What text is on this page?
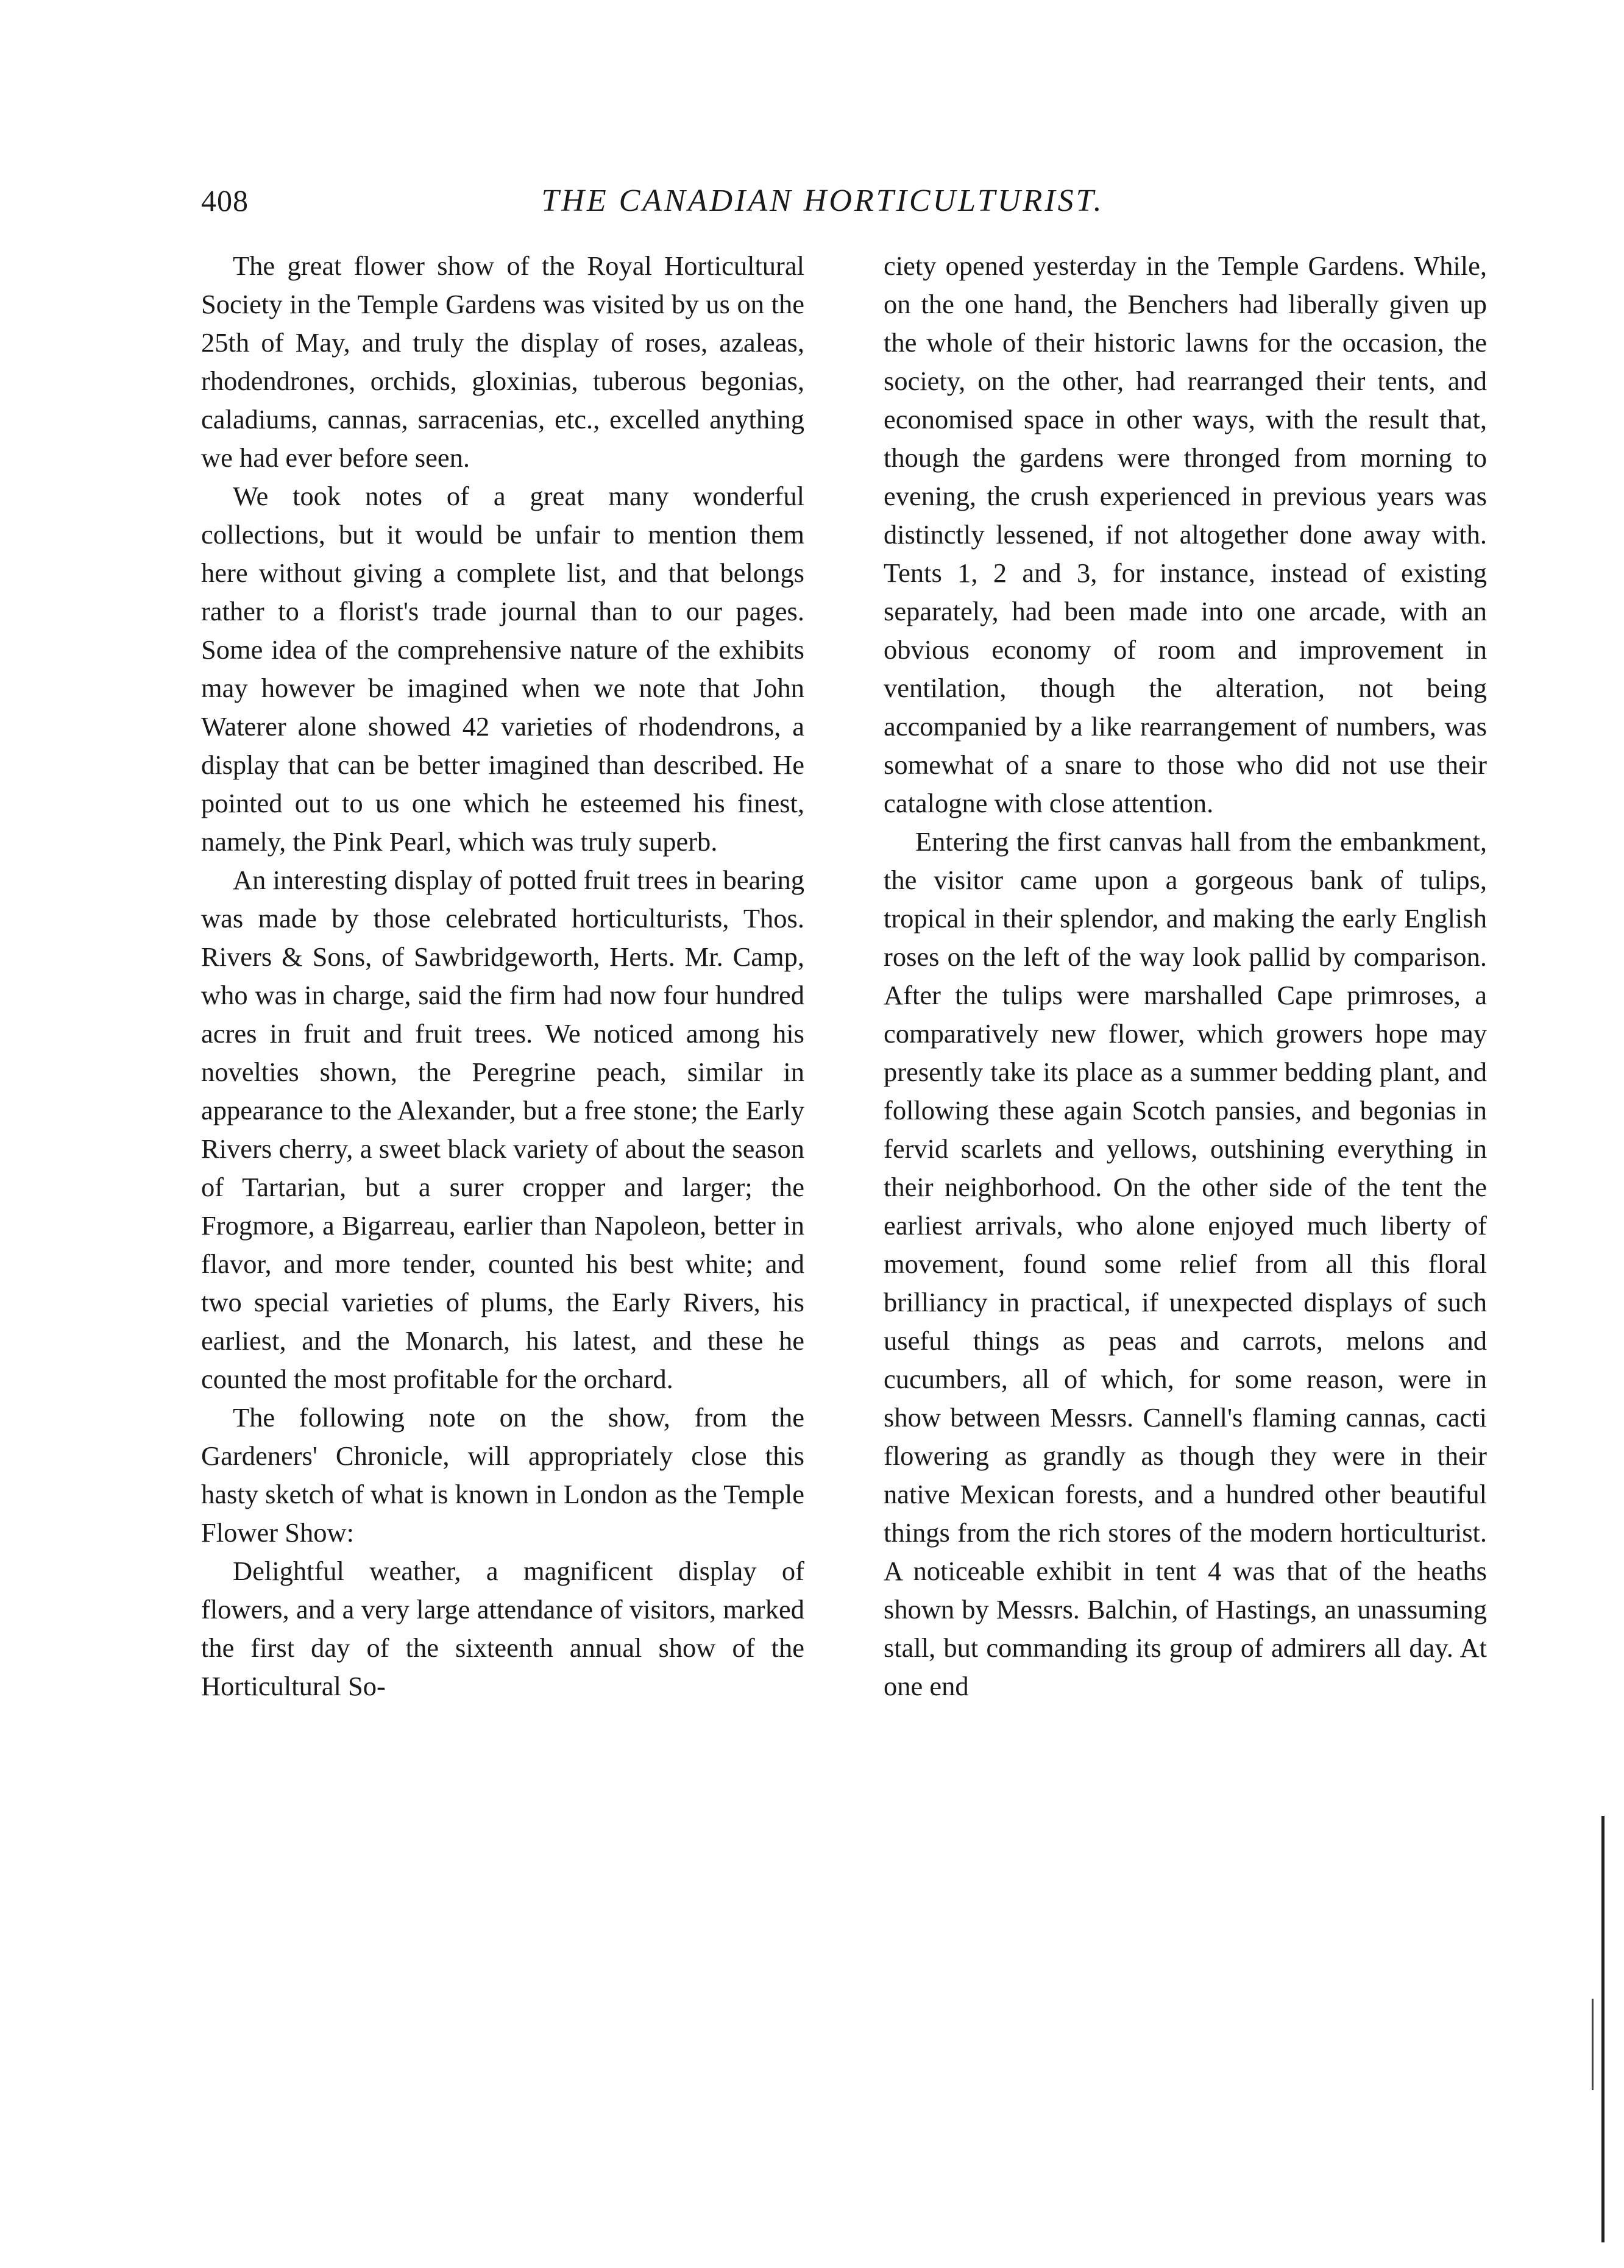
408	THE CANADIAN HORTICULTURIST.

The great flower show of the Royal Horticultural Society in the Temple Gardens was visited by us on the 25th of May, and truly the display of roses, azaleas, rhodendrones, orchids, gloxinias, tuberous begonias, caladiums, cannas, sarracenias, etc., excelled anything we had ever before seen.

We took notes of a great many wonderful collections, but it would be unfair to mention them here without giving a complete list, and that belongs rather to a florist's trade journal than to our pages. Some idea of the comprehensive nature of the exhibits may however be imagined when we note that John Waterer alone showed 42 varieties of rhodendrons, a display that can be better imagined than described. He pointed out to us one which he esteemed his finest, namely, the Pink Pearl, which was truly superb.

An interesting display of potted fruit trees in bearing was made by those celebrated horticulturists, Thos. Rivers & Sons, of Sawbridgeworth, Herts. Mr. Camp, who was in charge, said the firm had now four hundred acres in fruit and fruit trees. We noticed among his novelties shown, the Peregrine peach, similar in appearance to the Alexander, but a free stone; the Early Rivers cherry, a sweet black variety of about the season of Tartarian, but a surer cropper and larger; the Frogmore, a Bigarreau, earlier than Napoleon, better in flavor, and more tender, counted his best white; and two special varieties of plums, the Early Rivers, his earliest, and the Monarch, his latest, and these he counted the most profitable for the orchard.

The following note on the show, from the Gardeners' Chronicle, will appropriately close this hasty sketch of what is known in London as the Temple Flower Show:

Delightful weather, a magnificent display of flowers, and a very large attendance of visitors, marked the first day of the sixteenth annual show of the Horticultural So-

ciety opened yesterday in the Temple Gardens. While, on the one hand, the Benchers had liberally given up the whole of their historic lawns for the occasion, the society, on the other, had rearranged their tents, and economised space in other ways, with the result that, though the gardens were thronged from morning to evening, the crush experienced in previous years was distinctly lessened, if not altogether done away with. Tents 1, 2 and 3, for instance, instead of existing separately, had been made into one arcade, with an obvious economy of room and improvement in ventilation, though the alteration, not being accompanied by a like rearrangement of numbers, was somewhat of a snare to those who did not use their catalogne with close attention.

Entering the first canvas hall from the embankment, the visitor came upon a gorgeous bank of tulips, tropical in their splendor, and making the early English roses on the left of the way look pallid by comparison. After the tulips were marshalled Cape primroses, a comparatively new flower, which growers hope may presently take its place as a summer bedding plant, and following these again Scotch pansies, and begonias in fervid scarlets and yellows, outshining everything in their neighborhood. On the other side of the tent the earliest arrivals, who alone enjoyed much liberty of movement, found some relief from all this floral brilliancy in practical, if unexpected displays of such useful things as peas and carrots, melons and cucumbers, all of which, for some reason, were in show between Messrs. Cannell's flaming cannas, cacti flowering as grandly as though they were in their native Mexican forests, and a hundred other beautiful things from the rich stores of the modern horticulturist. A noticeable exhibit in tent 4 was that of the heaths shown by Messrs. Balchin, of Hastings, an unassuming stall, but commanding its group of admirers all day. At one end
